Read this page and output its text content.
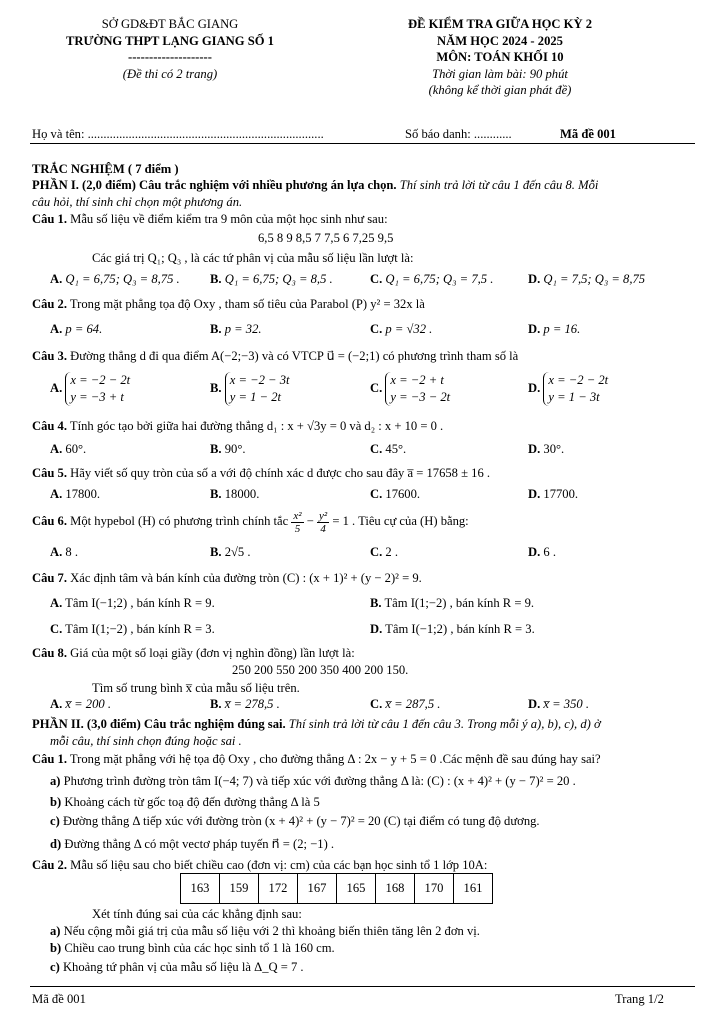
SỞ GD&ĐT BẮC GIANG
TRƯỜNG THPT LẠNG GIANG SỐ 1
--------------------
(Đề thi có 2 trang)
ĐỀ KIỂM TRA GIỮA HỌC KỲ 2
NĂM HỌC 2024 - 2025
MÔN: TOÁN KHỐI 10
Thời gian làm bài: 90 phút
(không kể thời gian phát đề)
Họ và tên: ...........................................................................	Số báo danh: ............	Mã đề 001
TRẮC NGHIỆM ( 7 điểm )
PHẦN I. (2,0 điểm) Câu trắc nghiệm với nhiều phương án lựa chọn. Thí sinh trả lời từ câu 1 đến câu 8. Mỗi
câu hỏi, thí sinh chỉ chọn một phương án.
Câu 1. Mẫu số liệu về điểm kiểm tra 9 môn của một học sinh như sau:
6,5 8 9 8,5 7 7,5 6 7,25 9,5
Các giá trị Q₁; Q₃ , là các tứ phân vị của mẫu số liệu lần lượt là:
A. Q₁ = 6,75; Q₃ = 8,75 . B. Q₁ = 6,75; Q₃ = 8,5 .	C. Q₁ = 6,75; Q₃ = 7,5 .	D. Q₁ = 7,5; Q₃ = 8,75
Câu 2. Trong mặt phẳng tọa độ Oxy , tham số tiêu của Parabol (P) y² = 32x là
A. p = 64.	B. p = 32.	C. p = √32 .	D. p = 16.
Câu 3. Đường thẳng d đi qua điểm A(−2;−3) và có VTCP u⃗ = (−2;1) có phương trình tham số là
A. x = −2 − 2t
y = −3 + t
B. x = −2 − 3t
y = 1 − 2t
C. x = −2 + t
y = −3 − 2t
D. x = −2 − 2t
y = 1 − 3t
Câu 4. Tính góc tạo bởi giữa hai đường thẳng d₁ : x + √3y = 0 và d₂ : x + 10 = 0 .
A. 60°.	B. 90°.	C. 45°.	D. 30°.
Câu 5. Hãy viết số quy tròn của số a với độ chính xác d được cho sau đây a̅ = 17658 ± 16 .
A. 17800.	B. 18000.	C. 17600.	D. 17700.
Câu 6. Một hypebol (H) có phương trình chính tắc $\frac{\text{x²}}{5} - \frac{\text{y²}}{4} = 1$ . Tiêu cự của (H) bằng:
A. 8 .	B. 2√5 .	C. 2 .	D. 6 .
Câu 7. Xác định tâm và bán kính của đường tròn (C) : (x + 1)² + (y − 2)² = 9.
A. Tâm I(−1;2) , bán kính R = 9.	B. Tâm I(1;−2) , bán kính R = 9.
C. Tâm I(1;−2) , bán kính R = 3.	D. Tâm I(−1;2) , bán kính R = 3.
Câu 8. Giá của một số loại giầy (đơn vị nghìn đồng) lần lượt là:
250 200 550 200 350 400 200 150.
Tìm số trung bình x̅ của mẫu số liệu trên.
A. x̅ = 200 .	B. x̅ = 278,5 .	C. x̅ = 287,5 .	D. x̅ = 350 .
PHẦN II. (3,0 điểm) Câu trắc nghiệm đúng sai. Thí sinh trả lời từ câu 1 đến câu 3. Trong mỗi ý a), b), c), d) ở
mỗi câu, thí sinh chọn đúng hoặc sai .
Câu 1. Trong mặt phẳng với hệ tọa độ Oxy , cho đường thẳng Δ : 2x − y + 5 = 0 .Các mệnh đề sau đúng hay sai?
a) Phương trình đường tròn tâm I(−4; 7) và tiếp xúc với đường thẳng Δ là: (C) : (x + 4)² + (y − 7)² = 20 .
b) Khoảng cách từ gốc toạ độ đến đường thẳng Δ là 5
c) Đường thẳng Δ tiếp xúc với đường tròn (x + 4)² + (y − 7)² = 20 (C) tại điểm có tung độ dương.
d) Đường thẳng Δ có một vectơ pháp tuyến n⃗ = (2; −1) .
Câu 2. Mẫu số liệu sau cho biết chiều cao (đơn vị: cm) của các bạn học sinh tổ 1 lớp 10A:
163	159	172	167	165	168	170	161
Xét tính đúng sai của các khẳng định sau:
a) Nếu cộng mỗi giá trị của mẫu số liệu với 2 thì khoảng biến thiên tăng lên 2 đơn vị.
b) Chiều cao trung bình của các học sinh tổ 1 là 160 cm.
c) Khoảng tứ phân vị của mẫu số liệu là Δ_Q = 7 .
Mã đề 001	Trang 1/2
